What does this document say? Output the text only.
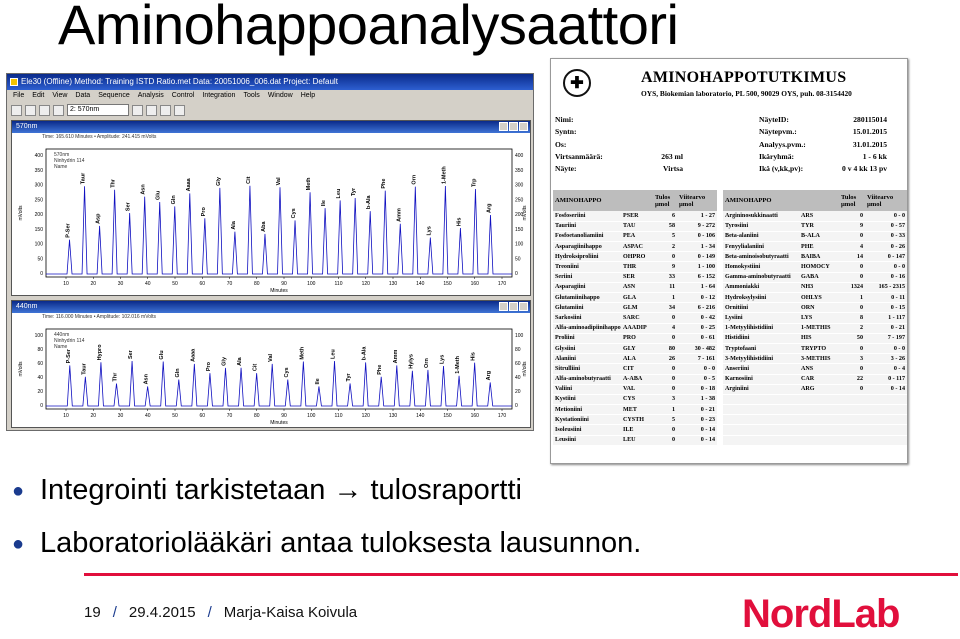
Aminohappoanalysaattori
Ele30 (Offline) Method: Training ISTD Ratio.met Data: 20051006_006.dat Project: Default
File Edit View Data Sequence Analysis Control Integration Tools Window Help
2: 570nm
570nm
Time: 165.610 Minutes • Amplitude: 241.415 mVolts
570nm
Ninhydrin 114
Name
10	20	30	40	50	60	70	80	90	100	110	120	130	140	150	160	170
Minutes
0	0
50	50
100	100
150	150
200	200
250	250
300	300
350	350
400	400
mVolts	mVolts
P-Ser
Taur
Asp
Thr
Ser
Asn
Glu Gln
Aaaa
Pro
Gly
Ala
Cit
Aba
Val
Cys
Meth
Ile
Leu Tyr
b-Ala
Phe
Amm
Orn
Lys
1-Meth
His
Trp
Arg
440nm
Time: 116.000 Minutes • Amplitude: 102.016 mVolts
440nm
Ninhydrin 114
Name
10	20	30	40	50	60	70	80	90	100	110	120	130	140	150	160	170
Minutes
0	0
20	20
40	40
60	60
80	80
100	100
mVolts	mVolts
P-Ser
Taur
Hypro
Thr
Ser
Asn
Glu
Gln
Aaaa
Pro
Gly Ala
Cit
Val
Cys
Meth
Ile
Leu
Tyr
b-Ala
Phe
Amm Hylys Orn Lys 1-Meth His
Arg
✚	AMINOHAPPOTUTKIMUS
OYS, Biokemian laboratorio, PL 500, 90029 OYS, puh. 08-3154420
Nimi:
Syntn:
Os:
Virtsanmäärä:	263 ml
Näyte:	Virtsa
NäyteID:	280115014
Näytepvm.:	15.01.2015
Analyys.pvm.:	31.01.2015
Ikäryhmä:	1 - 6 kk
Ikä (v,kk,pv):	0 v 4 kk 13 pv
AMINOHAPPO		Tulos µmol	Viitearvo µmol		AMINOHAPPO		Tulos µmol	Viitearvo µmol
Fosfoseriini	PSER	6	1 - 27		Argininosukkinaatti	ARS	0	0 - 0
Tauriini	TAU	58	9 - 272		Tyrosiini	TYR	9	0 - 57
Fosfoetanoliamiini	PEA	5	0 - 106		Beta-alaniini	B-ALA	0	0 - 33
Asparagiinihappo	ASPAC	2	1 - 34		Fenyylialaniini	PHE	4	0 - 26
Hydroksiproliini	OHPRO	0	0 - 149		Beta-aminoisobutyraatti	BAIBA	14	0 - 147
Treoniini	THR	9	1 - 100		Homokystiini	HOMOCY	0	0 - 0
Seriini	SER	33	6 - 152		Gamma-aminobutyraatti	GABA	0	0 - 16
Asparagiini	ASN	11	1 - 64		Ammoniakki	NH3	1324	165 - 2315
Glutamiinihappo	GLA	1	0 - 12		Hydroksylysiini	OHLYS	1	0 - 11
Glutamiini	GLM	34	6 - 216		Ornitiini	ORN	0	0 - 15
Sarkosiini	SARC	0	0 - 42		Lysiini	LYS	8	1 - 117
Alfa-aminoadipiinihappo	AAADIP	4	0 - 25		1-Metyylihistidiini	1-METHIS	2	0 - 21
Proliini	PRO	0	0 - 61		Histidiini	HIS	50	7 - 197
Glysiini	GLY	80	30 - 482		Tryptofaani	TRYPTO	0	0 - 0
Alaniini	ALA	26	7 - 161		3-Metyylihistidiini	3-METHIS	3	3 - 26
Sitrulliini	CIT	0	0 - 0		Anseriini	ANS	0	0 - 4
Alfa-aminobutyraatti	A-ABA	0	0 - 5		Karnosiini	CAR	22	0 - 117
Valiini	VAL	0	0 - 18		Arginiini	ARG	0	0 - 14
Kystiini	CYS	3	1 - 38					
Metioniini	MET	1	0 - 21					
Kystationiini	CYSTH	5	0 - 23					
Isoleusiini	ILE	0	0 - 14					
Leusiini	LEU	0	0 - 14					
● Integrointi tarkistetaan → tulosraportti
● Laboratoriolääkäri antaa tuloksesta lausunnon.
19 / 29.4.2015 / Marja-Kaisa Koivula	NordLab
